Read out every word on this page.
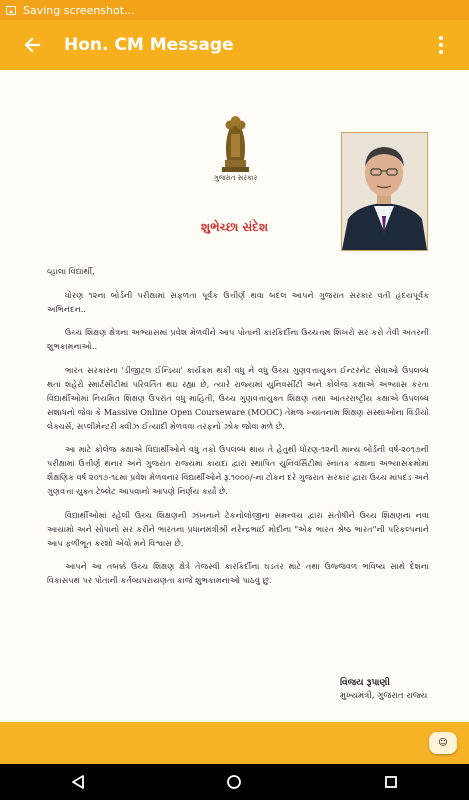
Saving screenshot...
Hon. CM Message
ગુજરાત સરકાર
શુભેચ્છા સંદેશ

વ્હાલા વિદ્યાર્થી,

ધોરણ ૧૨ના બોર્ડની પરીક્ષામાં સફળતા પૂર્વક ઉત્તીર્ણ થવા બદલ આપને ગુજરાત સરકાર વતી હૃદયપૂર્વક અભિનંદન..

ઉચ્ચ શિક્ષણ ક્ષેત્રના અભ્યાસમાં પ્રવેશ મેળવીને આપ પોતાની કારકિર્દીના ઉચ્ચત્તમ શિખરો સર કરો તેવી અંતરની શુભકામનાઓ..

ભારત સરકારના 'ડીજીટલ ઈન્ડિયા' કાર્યક્રમ થકી વધુ ને વધુ ઉચ્ચ ગુણવત્તાયુક્ત ઈન્ટરનેટ સેવાઓ ઉપલબ્ધ થતાં શહેરો સ્માર્ટસીટીમાં પરિવર્તિત થઇ રહ્યા છે, ત્યારે રાજ્યમાં યુનિવર્સીટી અને કોલેજ કક્ષાએ અભ્યાસ કરતા વિદ્યાર્થીઓમાં નિયમિત શિક્ષણ ઉપરાંત વધુ માહિતી, ઉચ્ચ ગુણવત્તાયુક્ત શિક્ષણ તથા આંતરરાષ્ટ્રીય કક્ષાએ ઉપલબ્ધ સંશાધનો જેવા કે Massive Online Open Courseware (MOOC) તેમજ ખ્યાતનામ શિક્ષણ સંસ્થાઓના વિડીયો લેક્ચર્સ, સપ્લીમેન્ટરી ક્વીઝ ઈત્યાદી મેળવવા તરફનો ઝોક જોવા મળે છે.

આ માટે કોલેજ કક્ષાએ વિદ્યાર્થીઓને વધુ તકો ઉપલબ્ધ થાય તે હેતુથી ધોરણ-૧૨ની માન્ય બોર્ડની વર્ષ-૨૦૧૭ની પરીક્ષામાં ઉત્તીર્ણ થનાર અને ગુજરાત રાજ્યમાં કાયદા દ્વારા સ્થાપિત યુનિવર્સિટીમાં સ્નાતક કક્ષાના અભ્યાસક્રમોમાં શૈક્ષણિક વર્ષ ૨૦૧૭-૧૮માં પ્રવેશ મેળવનાર વિદ્યાર્થીઓને રૂ.૧૦૦૦/-ના ટોકન દરે ગુજરાત સરકાર દ્વારા ઉચ્ચ માપદંડ અને ગુણવત્તા યુક્ત ટેબ્લેટ આપવાનો આપણે નિર્ણય કર્યો છે.

વિદ્યાર્થીઓમાં રહેલી ઉચ્ચ શિક્ષણની ઝંખનાને ટેકનોલોજીના સમન્વય દ્વારા સંતોષીને ઉચ્ચ શિક્ષણના નવા આયામો અને સોપાનો સર કરીને ભારતના પ્રધાનમંત્રીશ્રી નરેન્દ્રભાઈ મોદીના "એક ભારત શ્રેષ્ઠ ભારત"ની પરિકલ્પનાને આપ ફળીભૂત કરશો એવો મને વિશ્વાસ છે.

આપને આ તબક્કે ઉચ્ચ શિક્ષણ ક્ષેત્રે તેજસ્વી કારકિર્દીના ઘડતર માટે તથા ઉજ્જવળ ભવિષ્ય સાથે દેશના વિકાસપથ પર પોતાની કર્તવ્યપરાયણતા કાજે શુભકામનાઓ પાઠવું છું.

વિજય રૂપાણી
મુખ્યમંત્રી, ગુજરાત રાજ્ય
☺
